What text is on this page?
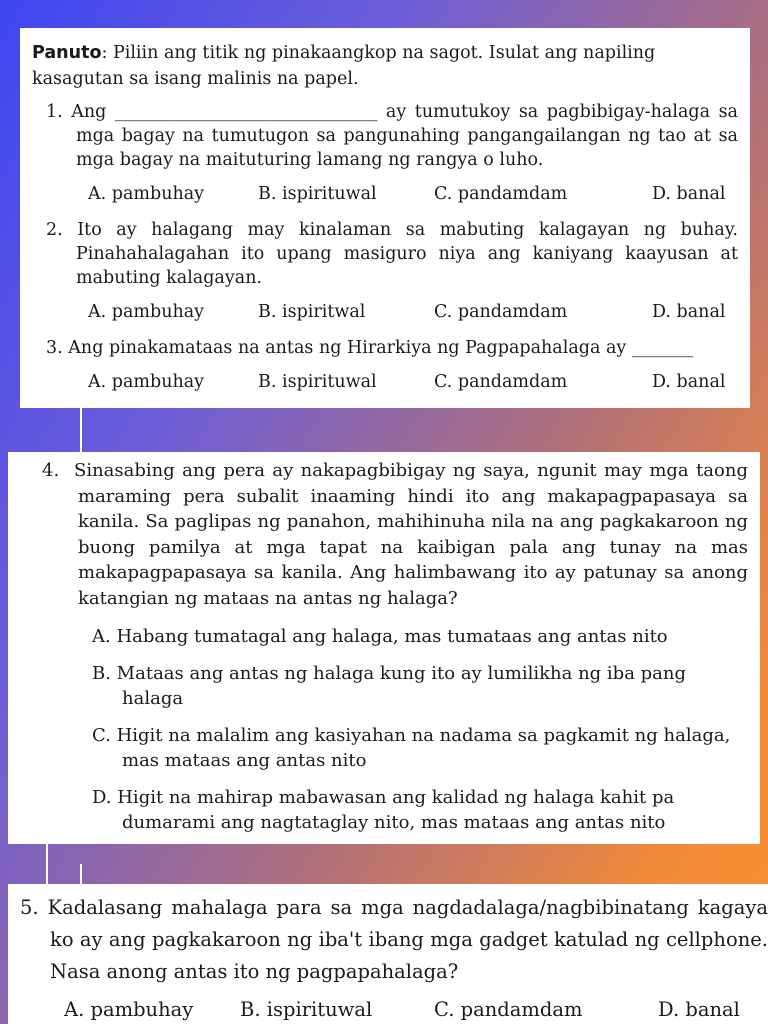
Panuto: Piliin ang titik ng pinakaangkop na sagot. Isulat ang napiling kasagutan sa isang malinis na papel.

1. Ang ______________________________ ay tumutukoy sa pagbibigay-halaga sa mga bagay na tumutugon sa pangunahing pangangailangan ng tao at sa mga bagay na maituturing lamang ng rangya o luho.

A. pambuhay	B. ispirituwal	C. pandamdam	D. banal

2. Ito ay halagang may kinalaman sa mabuting kalagayan ng buhay. Pinahahalagahan ito upang masiguro niya ang kaniyang kaayusan at mabuting kalagayan.

A. pambuhay	B. ispiritwal	C. pandamdam	D. banal

3. Ang pinakamataas na antas ng Hirarkiya ng Pagpapahalaga ay _______

A. pambuhay	B. ispirituwal	C. pandamdam	D. banal

4. Sinasabing ang pera ay nakapagbibigay ng saya, ngunit may mga taong maraming pera subalit inaaming hindi ito ang makapagpapasaya sa kanila. Sa paglipas ng panahon, mahihinuha nila na ang pagkakaroon ng buong pamilya at mga tapat na kaibigan pala ang tunay na mas makapagpapasaya sa kanila. Ang halimbawang ito ay patunay sa anong katangian ng mataas na antas ng halaga?

A. Habang tumatagal ang halaga, mas tumataas ang antas nito

B. Mataas ang antas ng halaga kung ito ay lumilikha ng iba pang halaga

C. Higit na malalim ang kasiyahan na nadama sa pagkamit ng halaga, mas mataas ang antas nito

D. Higit na mahirap mabawasan ang kalidad ng halaga kahit pa dumarami ang nagtataglay nito, mas mataas ang antas nito

5. Kadalasang mahalaga para sa mga nagdadalaga/nagbibinatang kagaya ko ay ang pagkakaroon ng iba't ibang mga gadget katulad ng cellphone. Nasa anong antas ito ng pagpapahalaga?

A. pambuhay	B. ispirituwal	C. pandamdam	D. banal
